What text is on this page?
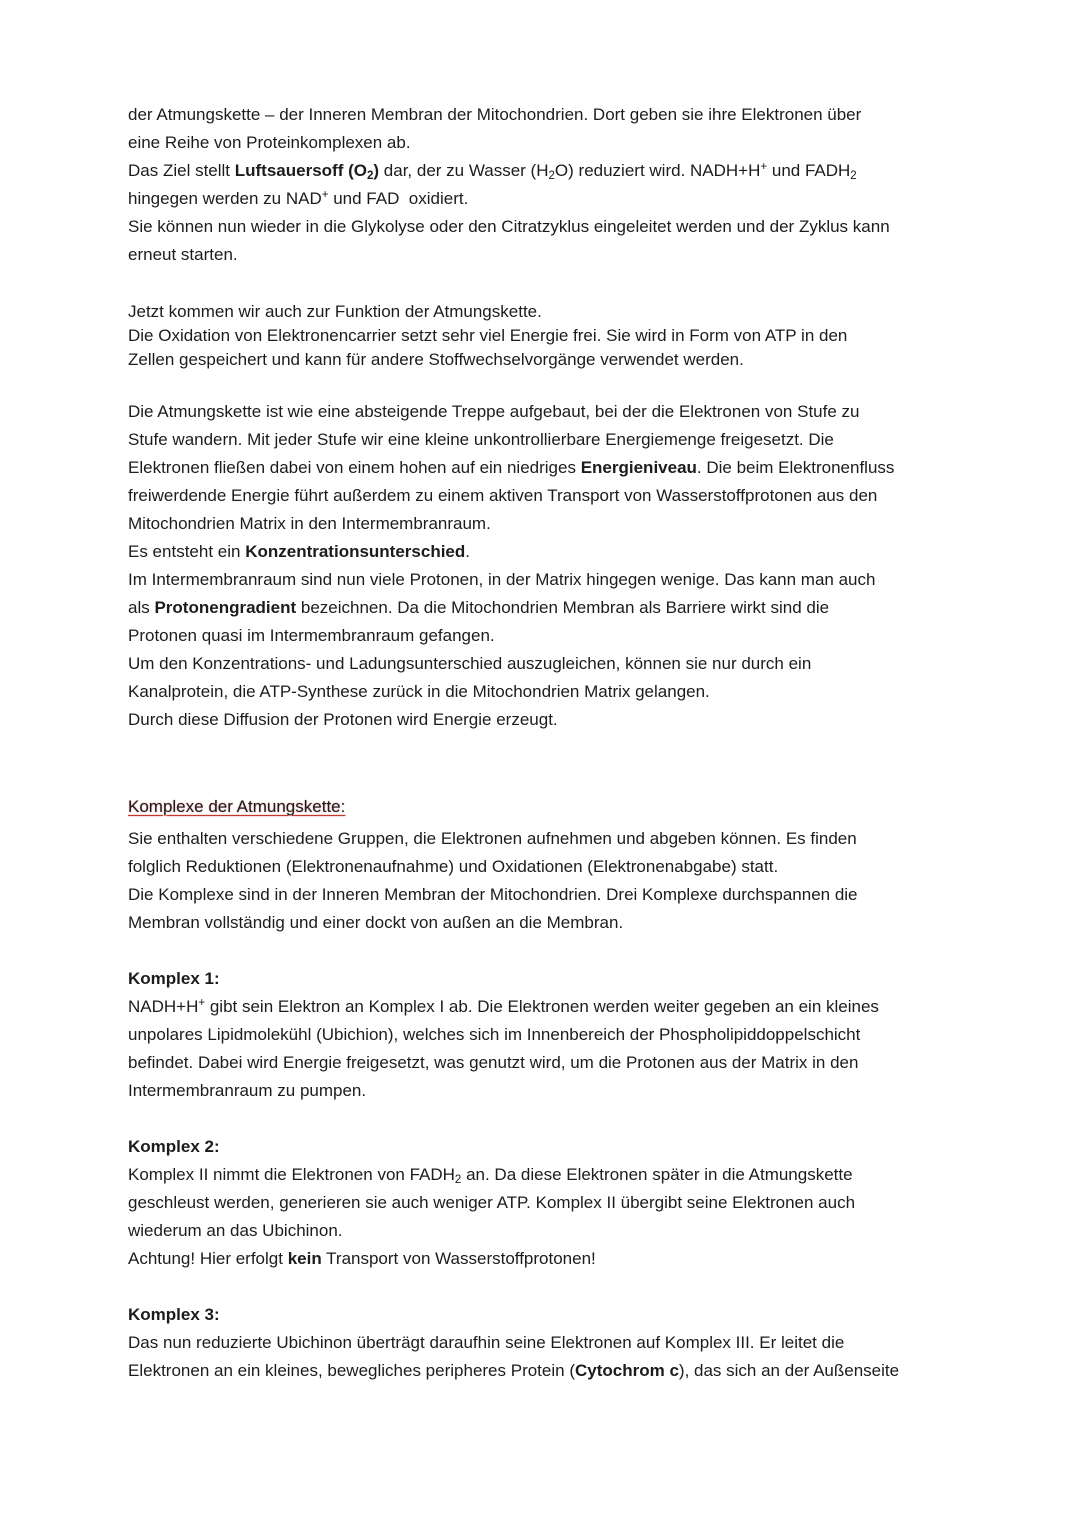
der Atmungskette – der Inneren Membran der Mitochondrien. Dort geben sie ihre Elektronen über
eine Reihe von Proteinkomplexen ab.
Das Ziel stellt Luftsauersoff $(O_2)$ dar, der zu Wasser $(H_2O)$ reduziert wird. NADH+H+ und $FADH_2$
hingegen werden zu NAD+ und FAD  oxidiert.
Sie können nun wieder in die Glykolyse oder den Citratzyklus eingeleitet werden und der Zyklus kann
erneut starten.
Jetzt kommen wir auch zur Funktion der Atmungskette.
Die Oxidation von Elektronencarrier setzt sehr viel Energie frei. Sie wird in Form von ATP in den
Zellen gespeichert und kann für andere Stoffwechselvorgänge verwendet werden.
Die Atmungskette ist wie eine absteigende Treppe aufgebaut, bei der die Elektronen von Stufe zu
Stufe wandern. Mit jeder Stufe wir eine kleine unkontrollierbare Energiemenge freigesetzt. Die
Elektronen fließen dabei von einem hohen auf ein niedriges Energieniveau. Die beim Elektronenfluss
freiwerdende Energie führt außerdem zu einem aktiven Transport von Wasserstoffprotonen aus den
Mitochondrien Matrix in den Intermembranraum.
Es entsteht ein Konzentrationsunterschied.
Im Intermembranraum sind nun viele Protonen, in der Matrix hingegen wenige. Das kann man auch
als Protonengradient bezeichnen. Da die Mitochondrien Membran als Barriere wirkt sind die
Protonen quasi im Intermembranraum gefangen.
Um den Konzentrations- und Ladungsunterschied auszugleichen, können sie nur durch ein
Kanalprotein, die ATP-Synthese zurück in die Mitochondrien Matrix gelangen.
Durch diese Diffusion der Protonen wird Energie erzeugt.
Komplexe der Atmungskette:
Sie enthalten verschiedene Gruppen, die Elektronen aufnehmen und abgeben können. Es finden
folglich Reduktionen (Elektronenaufnahme) und Oxidationen (Elektronenabgabe) statt.
Die Komplexe sind in der Inneren Membran der Mitochondrien. Drei Komplexe durchspannen die
Membran vollständig und einer dockt von außen an die Membran.
Komplex 1:
NADH+H+ gibt sein Elektron an Komplex I ab. Die Elektronen werden weiter gegeben an ein kleines
unpolares Lipidmolekühl (Ubichion), welches sich im Innenbereich der Phospholipiddoppelschicht
befindet. Dabei wird Energie freigesetzt, was genutzt wird, um die Protonen aus der Matrix in den
Intermembranraum zu pumpen.
Komplex 2:
Komplex II nimmt die Elektronen von $FADH_2$ an. Da diese Elektronen später in die Atmungskette
geschleust werden, generieren sie auch weniger ATP. Komplex II übergibt seine Elektronen auch
wiederum an das Ubichinon.
Achtung! Hier erfolgt kein Transport von Wasserstoffprotonen!
Komplex 3:
Das nun reduzierte Ubichinon überträgt daraufhin seine Elektronen auf Komplex III. Er leitet die
Elektronen an ein kleines, bewegliches peripheres Protein (Cytochrom c), das sich an der Außenseite
